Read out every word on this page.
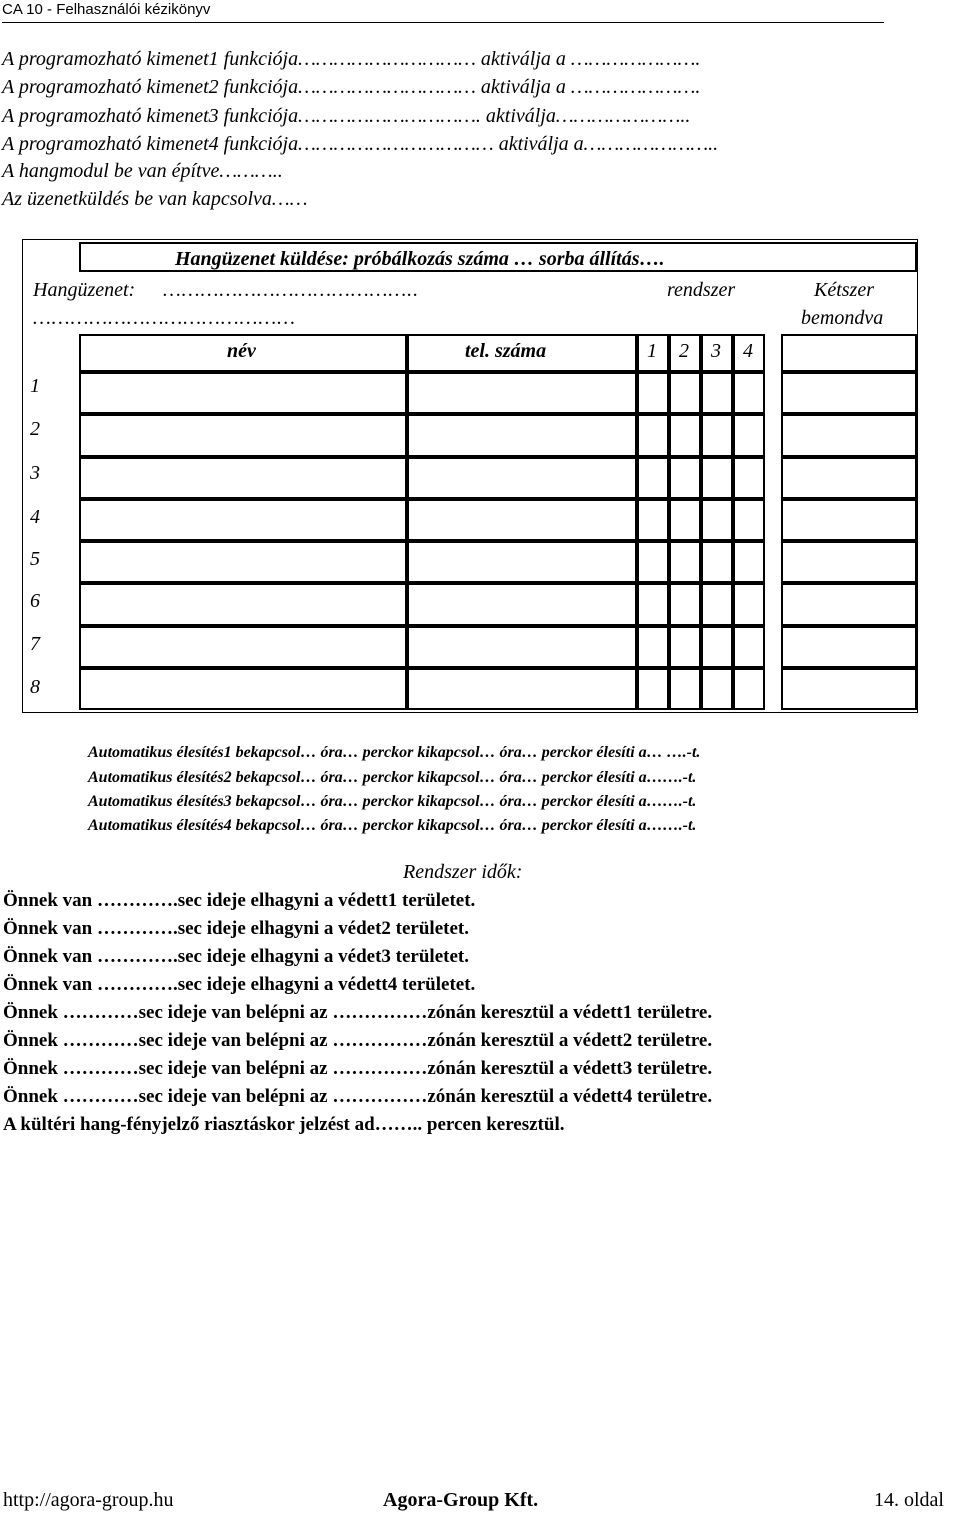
CA 10 - Felhasználói kézikönyv
A programozható kimenet1 funkciója………………………… aktiválja a ………………….
A programozható kimenet2 funkciója………………………… aktiválja a ………………….
A programozható kimenet3 funkciója…………………………. aktiválja…………………..
A programozható kimenet4 funkciója…………………………… aktiválja a…………………..
A hangmodul be van építve………..
Az üzenetküldés be van kapcsolva……
Hangüzenet küldése: próbálkozás száma … sorba állítás….
Hangüzenet: …………………………………..
……………………………………
rendszer	Kétszer
bemondva
név	tel. száma	1 2 3 4
1
2
3
4
5
6
7
8
Automatikus élesítés1 bekapcsol… óra… perckor kikapcsol… óra… perckor élesíti a… ….-t.
Automatikus élesítés2 bekapcsol… óra… perckor kikapcsol… óra… perckor élesíti a…….-t.
Automatikus élesítés3 bekapcsol… óra… perckor kikapcsol… óra… perckor élesíti a…….-t.
Automatikus élesítés4 bekapcsol… óra… perckor kikapcsol… óra… perckor élesíti a…….-t.
Rendszer idők:
Önnek van ………….sec ideje elhagyni a védett1 területet.
Önnek van ………….sec ideje elhagyni a védet2 területet.
Önnek van ………….sec ideje elhagyni a védet3 területet.
Önnek van ………….sec ideje elhagyni a védett4 területet.
Önnek …………sec ideje van belépni az ……………zónán keresztül a védett1 területre.
Önnek …………sec ideje van belépni az ……………zónán keresztül a védett2 területre.
Önnek …………sec ideje van belépni az ……………zónán keresztül a védett3 területre.
Önnek …………sec ideje van belépni az ……………zónán keresztül a védett4 területre.
A kültéri hang-fényjelző riasztáskor jelzést ad…….. percen keresztül.
http://agora-group.hu	Agora-Group Kft.	14. oldal
